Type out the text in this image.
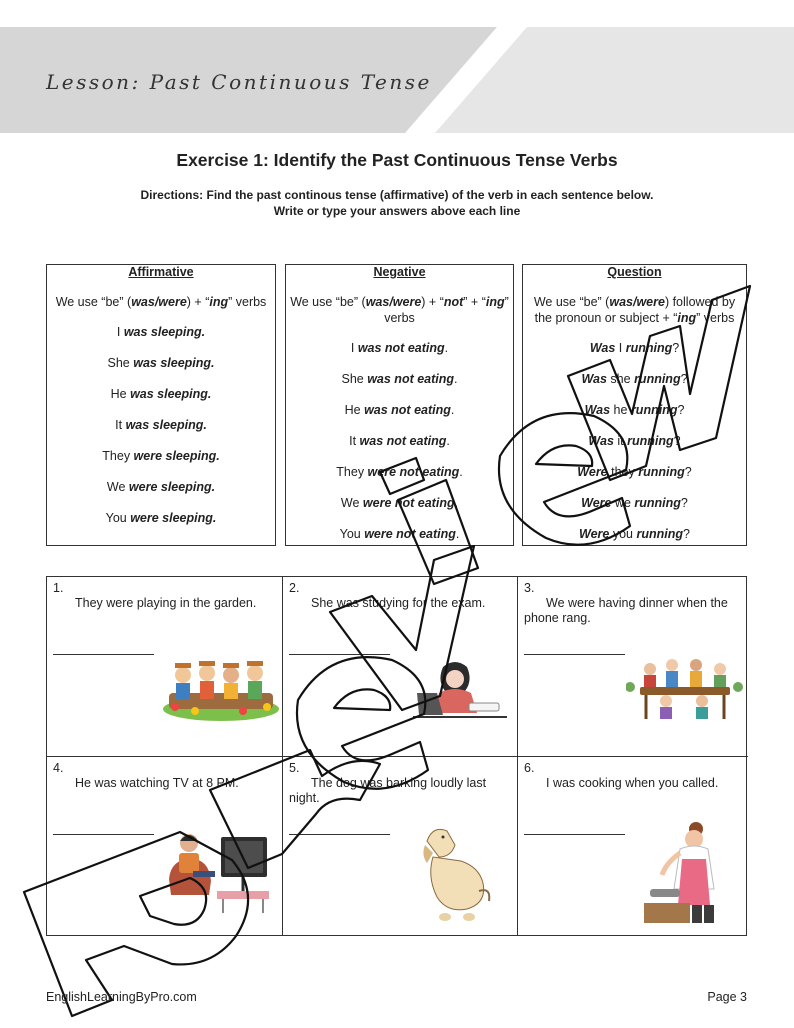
Lesson: Past Continuous Tense
Exercise 1: Identify the Past Continuous Tense Verbs
Directions: Find the past continous tense (affirmative) of the verb in each sentence below.
Write or type your answers above each line
Affirmative
We use “be” (was/were) + “ing” verbs
I was sleeping.
She was sleeping.
He was sleeping.
It was sleeping.
They were sleeping.
We were sleeping.
You were sleeping.
Negative
We use “be” (was/were) + “not” + “ing” verbs
I was not eating.
She was not eating.
He was not eating.
It was not eating.
They were not eating.
We were not eating.
You were not eating.
Question
We use “be” (was/were) followed by the pronoun or subject + “ing” verbs
Was I running?
Was she running?
Was he running?
Was it running?
Were they running?
Were we running?
Were you running?
1.
They were playing in the garden.
2.
She was studying for the exam.
3.
We were having dinner when the phone rang.
4.
He was watching TV at 8 PM.
5.
The dog was barking loudly last night.
6.
I was cooking when you called.
EnglishLearningByPro.com	Page 3
